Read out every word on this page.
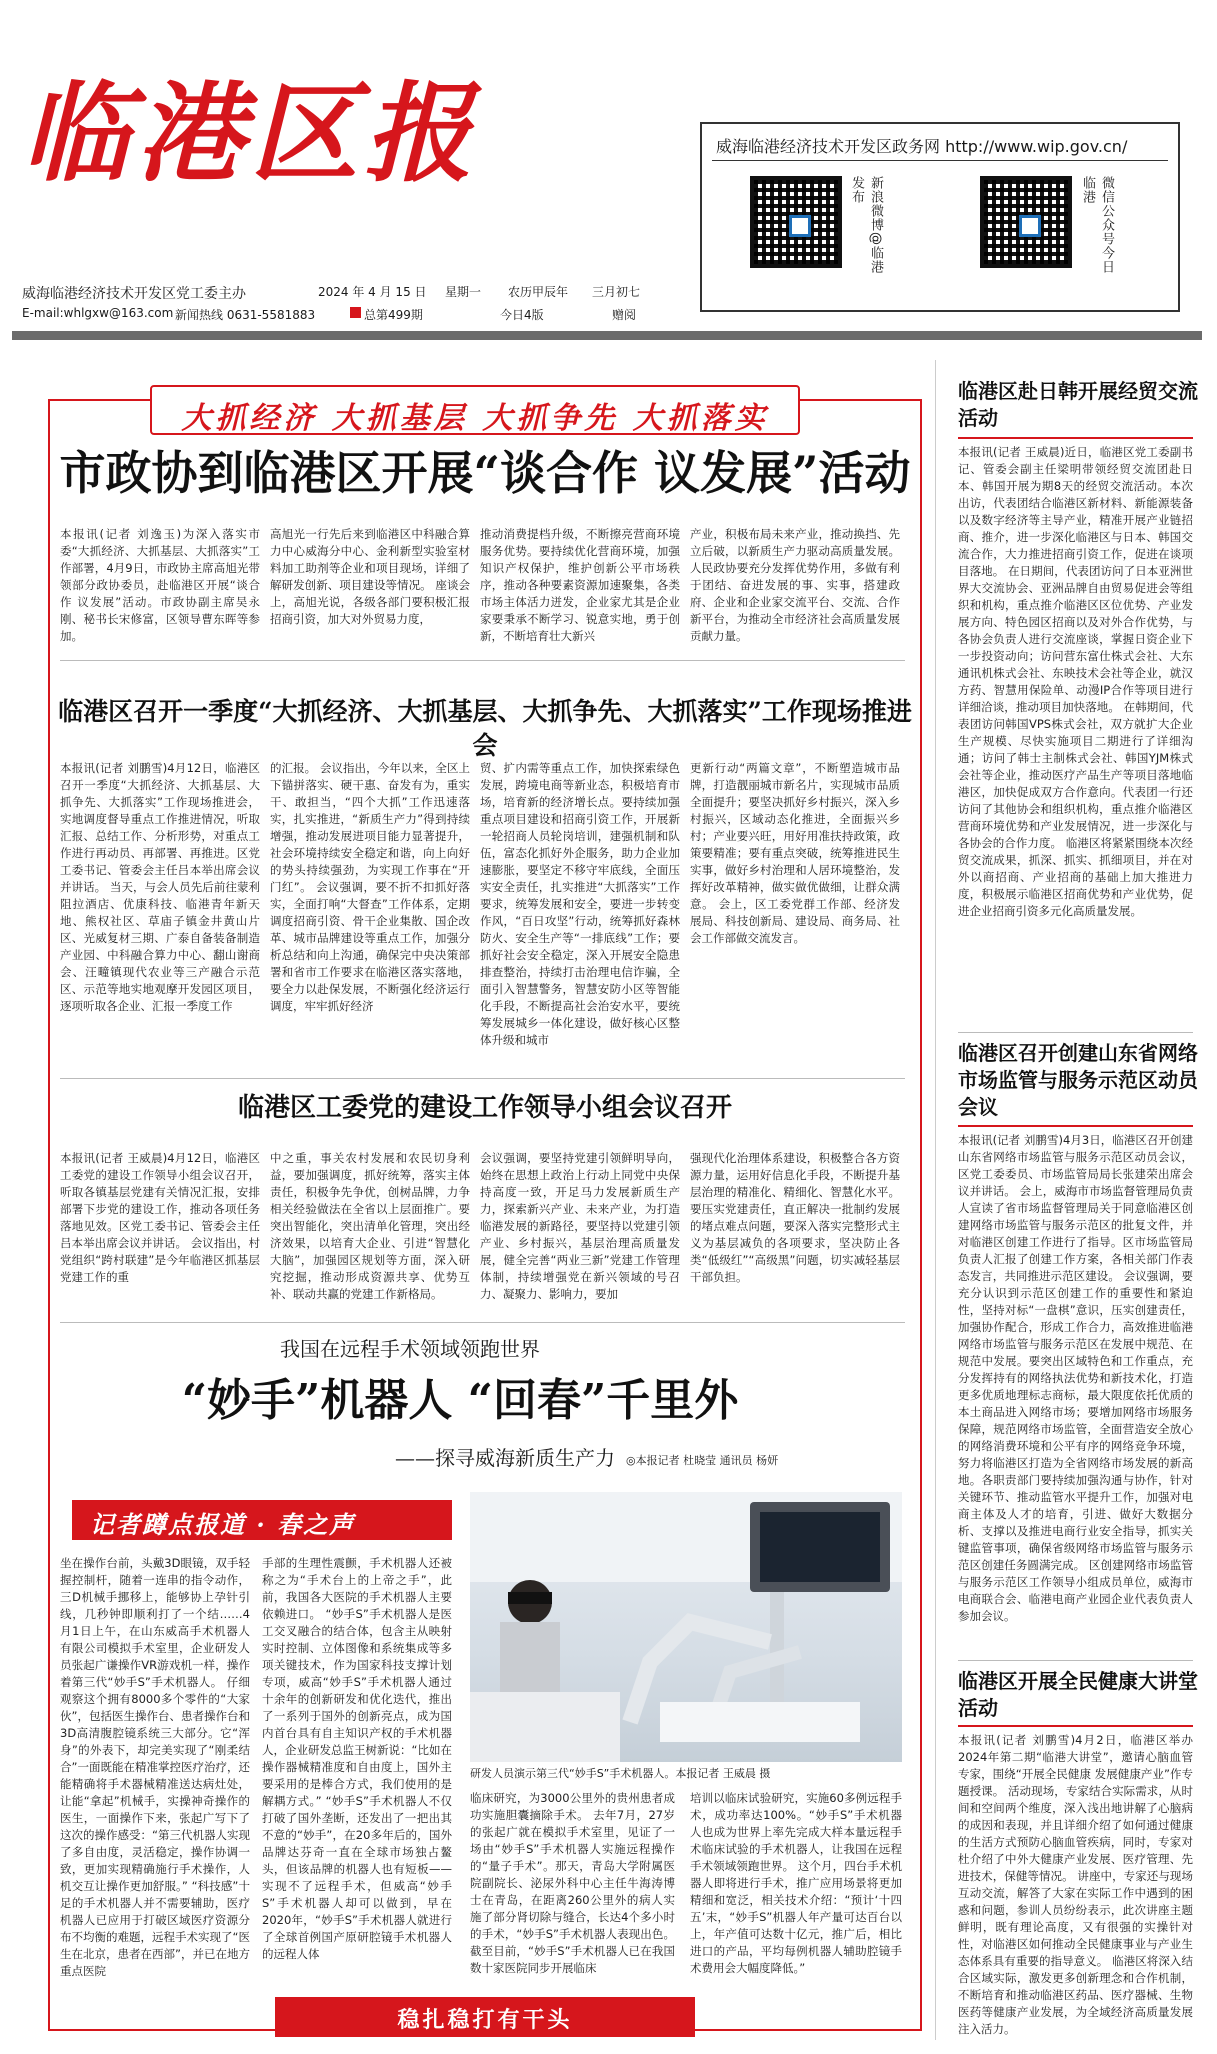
临港区报
威海临港经济技术开发区党工委主办
E-mail:whlgxw@163.com 新闻热线 0631-5581883
2024 年 4 月 15 日 星期一 农历甲辰年 三月初七
总第499期	今日4版	赠阅
威海临港经济技术开发区政务网 http://www.wip.gov.cn/
新浪微博@临港发布	微信公众号今日临港
大抓经济 大抓基层 大抓争先 大抓落实
市政协到临港区开展“谈合作 议发展”活动
本报讯(记者 刘逸玉)为深入落实市委“大抓经济、大抓基层、大抓落实”工作部署，4月9日，市政协主席高旭光带领部分政协委员，赴临港区开展“谈合作 议发展”活动。市政协副主席吴永刚、秘书长宋修富，区领导曹东晖等参加。
高旭光一行先后来到临港区中科融合算力中心威海分中心、金利新型实验室材料加工助剂等企业和项目现场，详细了解研发创新、项目建设等情况。 座谈会上，高旭光说，各级各部门要积极汇报招商引资，加大对外贸易力度，
推动消费提档升级，不断擦亮营商环境服务优势。要持续优化营商环境，加强知识产权保护，维护创新公平市场秩序，推动各种要素资源加速聚集，各类市场主体活力迸发，企业家尤其是企业家要秉承不断学习、锐意实地，勇于创新，不断培育壮大新兴
产业，积极布局未来产业，推动换挡、先立后破，以新质生产力驱动高质量发展。人民政协要充分发挥优势作用，多做有利于团结、奋进发展的事、实事，搭建政府、企业和企业家交流平台、交流、合作新平台，为推动全市经济社会高质量发展贡献力量。
临港区召开一季度“大抓经济、大抓基层、大抓争先、大抓落实”工作现场推进会
本报讯(记者 刘鹏雪)4月12日，临港区召开一季度“大抓经济、大抓基层、大抓争先、大抓落实”工作现场推进会，实地调度督导重点工作推进情况，听取汇报、总结工作、分析形势，对重点工作进行再动员、再部署、再推进。区党工委书记、管委会主任吕本举出席会议并讲话。 当天，与会人员先后前往蒙利阻拉酒店、优康科技、临港青年新天地、熊权社区、草庙子镇金井黄山片区、光威复材三期、广泰自备装备制造产业园、中科融合算力中心、翻山谢商会、汪疃镇现代农业等三产融合示范区、示范等地实地观摩开发园区项目，逐项听取各企业、汇报一季度工作
的汇报。 会议指出，今年以来，全区上下锚拼落实、硬干惠、奋发有为，重实干、敢担当，“四个大抓”工作迅速落实，扎实推进，“新质生产力”得到持续增强，推动发展进项目能力显著提升，社会环境持续安全稳定和谐，向上向好的势头持续强劲，为实现工作事在“开门红”。 会议强调，要不折不扣抓好落实，全面打响“大督查”工作体系，定期调度招商引资、骨干企业集散、国企改革、城市品牌建设等重点工作，加强分析总结和向上沟通，确保完中央决策部署和省市工作要求在临港区落实落地，要全力以赴保发展，不断强化经济运行调度，牢牢抓好经济
贸、扩内需等重点工作，加快探索绿色发展，跨境电商等新业态，积极培育市场，培育新的经济增长点。要持续加强重点项目建设和招商引资工作，开展新一轮招商人员轮岗培训，建强机制和队伍，富态化抓好外企服务，助力企业加速膨胀，要坚定不移守牢底线，全面压实安全责任，扎实推进“大抓落实”工作要求，统筹发展和安全，要进一步转变作风，“百日攻坚”行动，统筹抓好森林防火、安全生产等“一排底线”工作；要抓好社会安全稳定，深入开展安全隐患排查整治，持续打击治理电信诈骗，全面引入智慧警务，智慧安防小区等智能化手段，不断提高社会治安水平，要统筹发展城乡一体化建设，做好核心区整体升级和城市
更新行动“两篇文章”，不断塑造城市品牌，打造靓丽城市新名片，实现城市品质全面提升；要坚决抓好乡村振兴，深入乡村振兴，区域动态化推进，全面振兴乡村；产业要兴旺，用好用准扶持政策，政策要精准；要有重点突破，统筹推进民生实事，做好乡村治理和人居环境整治，发挥好改革精神，做实做优做细，让群众满意。 会上，区工委党群工作部、经济发展局、科技创新局、建设局、商务局、社会工作部做交流发言。
临港区工委党的建设工作领导小组会议召开
本报讯(记者 王威晨)4月12日，临港区工委党的建设工作领导小组会议召开，听取各镇基层党建有关情况汇报，安排部署下步党的建设工作，推动各项任务落地见效。区党工委书记、管委会主任吕本举出席会议并讲话。 会议指出，村党组织“跨村联建”是今年临港区抓基层党建工作的重
中之重，事关农村发展和农民切身利益，要加强调度，抓好统筹，落实主体责任，积极争先争优，创树品牌，力争相关经验做法在全省以上层面推广。要突出智能化，突出清单化管理，突出经济效果，以培育大企业、引进“智慧化大脑”，加强园区规划等方面，深入研究挖掘，推动形成资源共享、优势互补、联动共赢的党建工作新格局。
会议强调，要坚持党建引领鲜明导向，始终在思想上政治上行动上同党中央保持高度一致，开足马力发展新质生产力，探索新兴产业、未来产业，为打造临港发展的新路径，要坚持以党建引领产业、乡村振兴，基层治理高质量发展，健全完善“两业三新”党建工作管理体制，持续增强党在新兴领域的号召力、凝聚力、影响力，要加
强现代化治理体系建设，积极整合各方资源力量，运用好信息化手段，不断提升基层治理的精准化、精细化、智慧化水平。要压实党建责任，直正解决一批制约发展的堵点难点问题，要深入落实完整形式主义为基层减负的各项要求，坚决防止各类“低级红”“高级黑”问题，切实减轻基层干部负担。
我国在远程手术领域领跑世界
“妙手”机器人 “回春”千里外
——探寻威海新质生产力 ◎本报记者 杜晓莹 通讯员 杨妍
记者蹲点报道 · 春之声
坐在操作台前，头戴3D眼镜，双手轻握控制杆，随着一连串的指令动作，三D机械手挪移上，能够协上孕针引线，几秒钟即顺利打了一个结……4月1日上午，在山东威高手术机器人有限公司模拟手术室里，企业研发人员张起广谦操作VR游戏机一样，操作着第三代“妙手S”手术机器人。 仔细观察这个拥有8000多个零件的“大家伙”，包括医生操作台、患者操作台和3D高清腹腔镜系统三大部分。它“浑身”的外表下，却完美实现了“刚柔结合”一面既能在精准掌控医疗治疗，还能精确将手术器械精准送达病灶处，让能“拿起”机械手，实操神奇操作的医生，一面操作下来，张起广写下了这次的操作感受：“第三代机器人实现了多自由度，灵活稳定，操作协调一致，更加实现精确施行手术操作，人机交互让操作更加舒服。” “科技感”十足的手术机器人并不需要辅助，医疗机器人已应用于打破区域医疗资源分布不均衡的难题，远程手术实现了“医生在北京，患者在西部”，并已在地方重点医院
手部的生理性震颤，手术机器人还被称之为“手术台上的上帝之手”，此前，我国各大医院的手术机器人主要依赖进口。 “妙手S”手术机器人是医工交叉融合的结合体，包含主从映射实时控制、立体图像和系统集成等多项关键技术，作为国家科技支撑计划专项，威高“妙手S”手术机器人通过十余年的创新研发和优化迭代，推出了一系列于国外的创新亮点，成为国内首台具有自主知识产权的手术机器人，企业研发总监王树新说：“比如在操作器械精准度和自由度上，国外主要采用的是棒合方式，我们使用的是解耦方式。” “妙手S”手术机器人不仅打破了国外垄断，还发出了一把出其不意的“妙手”，在20多年后的，国外品牌达芬奇一直在全球市场独占鳌头，但该品牌的机器人也有短板——实现不了远程手术，但威高“妙手S”手术机器人却可以做到，早在2020年，“妙手S”手术机器人就进行了全球首例国产原研腔镜手术机器人的远程人体
研发人员演示第三代“妙手S”手术机器人。本报记者 王威晨 摄
临床研究，为3000公里外的贵州患者成功实施胆囊摘除手术。 去年7月，27岁的张起广就在模拟手术室里，见证了一场由“妙手S”手术机器人实施远程操作的“量子手术”。那天，青岛大学附属医院副院长、泌尿外科中心主任牛海涛博士在青岛，在距离260公里外的病人实施了部分肾切除与缝合，长达4个多小时的手术，“妙手S”手术机器人表现出色。 截至目前，“妙手S”手术机器人已在我国数十家医院同步开展临床
培训以临床试验研究，实施60多例远程手术，成功率达100%。“妙手S”手术机器人也成为世界上率先完成大样本量远程手术临床试验的手术机器人，让我国在远程手术领域领跑世界。 这个月，四台手术机器人即将进行手术，推广应用场景将更加精细和宽泛，相关技术介绍：“预计‘十四五’末，“妙手S”机器人年产量可达百台以上，年产值可达数十亿元，推广后，相比进口的产品，平均每例机器人辅助腔镜手术费用会大幅度降低。”
稳扎稳打有干头
临港区赴日韩开展经贸交流活动
本报讯(记者 王威晨)近日，临港区党工委副书记、管委会副主任梁明带领经贸交流团赴日本、韩国开展为期8天的经贸交流活动。本次出访，代表团结合临港区新材料、新能源装备以及数字经济等主导产业，精准开展产业链招商、推介，进一步深化临港区与日本、韩国交流合作，大力推进招商引资工作，促进在谈项目落地。 在日期间，代表团访问了日本亚洲世界大交流协会、亚洲品牌自由贸易促进会等组织和机构，重点推介临港区区位优势、产业发展方向、特色园区招商以及对外合作优势，与各协会负责人进行交流座谈，掌握日资企业下一步投资动向；访问营东富仕株式会社、大东通讯机株式会社、东映技术会社等企业，就汉方药、智慧用保险单、动漫IP合作等项目进行详细洽谈，推动项目加快落地。 在韩期间，代表团访问韩国VPS株式会社，双方就扩大企业生产规模、尽快实施项目二期进行了详细沟通；访问了韩士主制株式会社、韩国YJM株式会社等企业，推动医疗产品生产等项目落地临港区，加快促成双方合作意向。代表团一行还访问了其他协会和组织机构，重点推介临港区营商环境优势和产业发展情况，进一步深化与各协会的合作力度。 临港区将紧紧围绕本次经贸交流成果，抓深、抓实、抓细项目，并在对外以商招商、产业招商的基础上加大推进力度，积极展示临港区招商优势和产业优势，促进企业招商引资多元化高质量发展。
临港区召开创建山东省网络市场监管与服务示范区动员会议
本报讯(记者 刘鹏雪)4月3日，临港区召开创建山东省网络市场监管与服务示范区动员会议，区党工委委员、市场监管局局长张建荣出席会议并讲话。 会上，威海市市场监督管理局负责人宣读了省市场监督管理局关于同意临港区创建网络市场监管与服务示范区的批复文件，并对临港区创建工作进行了指导。区市场监管局负责人汇报了创建工作方案，各相关部门作表态发言，共同推进示范区建设。 会议强调，要充分认识到示范区创建工作的重要性和紧迫性，坚持对标“一盘棋”意识，压实创建责任，加强协作配合，形成工作合力，高效推进临港网络市场监管与服务示范区在发展中规范、在规范中发展。要突出区域特色和工作重点，充分发挥持有的网络执法优势和新技术化，打造更多优质地理标志商标，最大限度依托优质的本土商品进入网络市场；要增加网络市场服务保障，规范网络市场监管，全面营造安全放心的网络消费环境和公平有序的网络竞争环境，努力将临港区打造为全省网络市场发展的新高地。各职责部门要持续加强沟通与协作，针对关键环节、推动监管水平提升工作，加强对电商主体及人才的培育，引进、做好大数据分析、支撑以及推进电商行业安全指导，抓实关键监管事项，确保省级网络市场监管与服务示范区创建任务圆满完成。 区创建网络市场监管与服务示范区工作领导小组成员单位，威海市电商联合会、临港电商产业园企业代表负责人参加会议。
临港区开展全民健康大讲堂活动
本报讯(记者 刘鹏雪)4月2日，临港区举办2024年第二期“临港大讲堂”，邀请心脑血管专家，围绕“开展全民健康 发展健康产业”作专题授课。 活动现场，专家结合实际需求，从时间和空间两个维度，深入浅出地讲解了心脑病的成因和表现，并且详细介绍了如何通过健康的生活方式预防心脑血管疾病，同时，专家对杜介绍了中外大健康产业发展、医疗管理、先进技术，保健等情况。 讲座中，专家还与现场互动交流，解答了大家在实际工作中遇到的困惑和问题，参训人员纷纷表示，此次讲座主题鲜明，既有理论高度，又有很强的实操针对性，对临港区如何推动全民健康事业与产业生态体系具有重要的指导意义。 临港区将深入结合区域实际，激发更多创新理念和合作机制，不断培育和推动临港区药品、医疗器械、生物医药等健康产业发展，为全域经济高质量发展注入活力。
